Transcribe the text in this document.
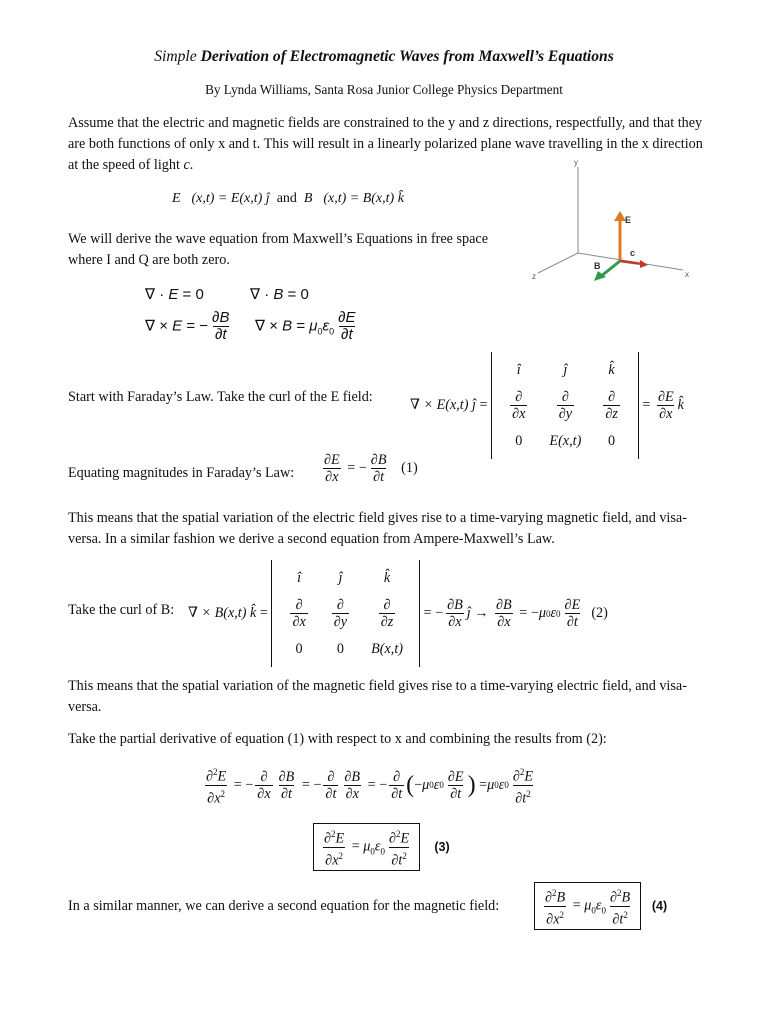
Simple Derivation of Electromagnetic Waves from Maxwell’s Equations
By Lynda Williams, Santa Rosa Junior College Physics Department
Assume that the electric and magnetic fields are constrained to the y and z directions, respectfully, and that they are both functions of only x and t. This will result in a linearly polarized plane wave travelling in the x direction at the speed of light c.
E⃗(x,t) = E(x,t) ĵ and B⃗(x,t) = B(x,t) k̂
y
z	x
E
B
c
We will derive the wave equation from Maxwell’s Equations in free space where I and Q are both zero.
∇ · E = 0	∇ · B = 0
∇ × E = − $\frac{\partial B}{\partial t}$ ∇ × $B = \mu_0\varepsilon_0 \frac{\partial E}{\partial t}$
Start with Faraday’s Law. Take the curl of the E field:	∇ × E(x,t) ĵ =
î	ĵ	k̂

$\frac{\partial}{\partial x}$	$\frac{\partial}{\partial y}$	$\frac{\partial}{\partial z}$

0	E(x,t)	0
= $\frac{\partial E}{\partial x}$ k̂
Equating magnitudes in Faraday’s Law: $\frac{\partial E}{\partial x}$ = − $\frac{\partial B}{\partial t}$
(1)
This means that the spatial variation of the electric field gives rise to a time-varying magnetic field, and visa-versa. In a similar fashion we derive a second equation from Ampere-Maxwell’s Law.
Take the curl of B: ∇ × B(x,t) k̂ =
î	ĵ	k̂

$\frac{\partial}{\partial x}$	$\frac{\partial}{\partial y}$	$\frac{\partial}{\partial z}$

0	0	B(x,t)
= − $\frac{\partial B}{\partial x}$ ĵ → $\frac{\partial B}{\partial x}$ = − μ 0 ε $0 \frac{\partial E}{\partial t}$
(2)
This means that the spatial variation of the magnetic field gives rise to a time-varying electric field, and visa-versa.
Take the partial derivative of equation (1) with respect to x and combining the results from (2):
$\frac{\partial^2E}{\partial x^2}$ = − $\frac{\partial}{\partial x} \frac{\partial B}{\partial t}$ = − $\frac{\partial}{\partial t} \frac{\partial B}{\partial x}$ = − $\frac{\partial}{\partial t}$ ( − μ 0 ε $0 \frac{\partial E}{\partial t}$ ) = μ 0 ε $0 \frac{\partial^2E}{\partial t^2}$
$\frac{\partial^2E}{\partial x^2} = \mu_0\varepsilon_0 \frac{\partial^2E}{\partial t^2}$
(3)
In a similar manner, we can derive a second equation for the magnetic field:	$\frac{\partial^2B}{\partial x^2} = \mu_0\varepsilon_0 \frac{\partial^2B}{\partial t^2}$
(4)
